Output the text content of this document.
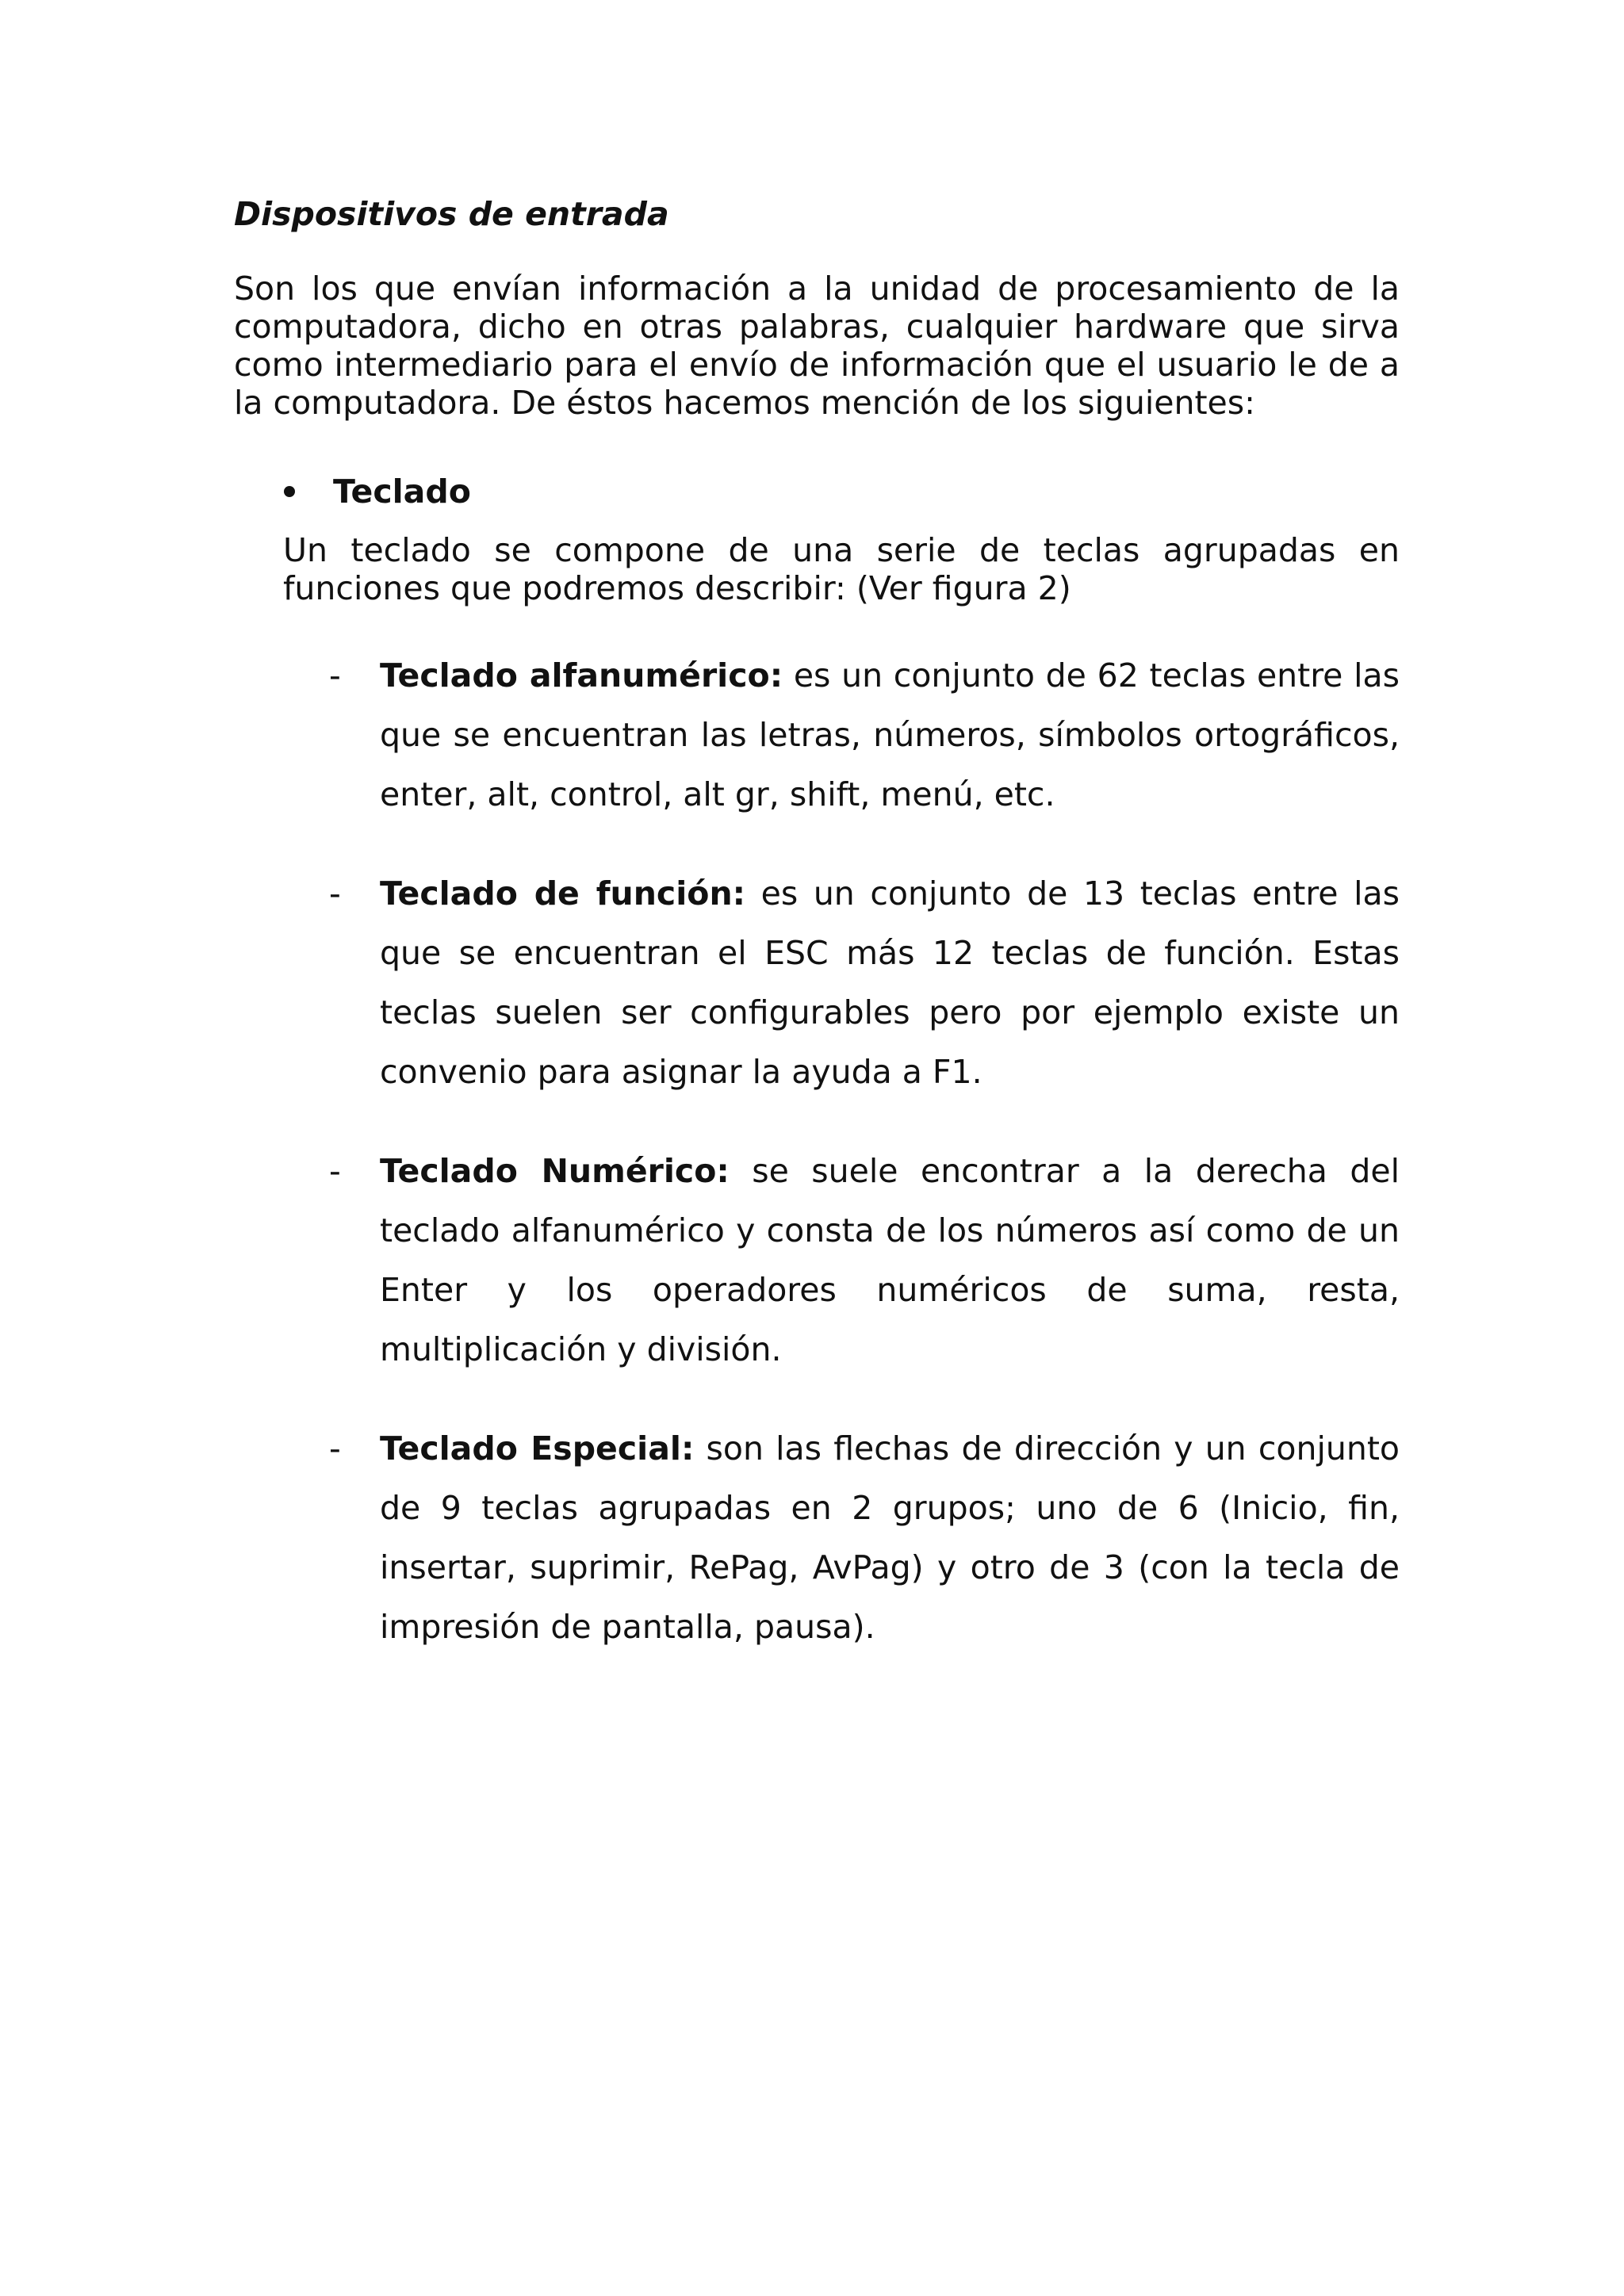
Dispositivos de entrada

Son los que envían información a la unidad de procesamiento de la computadora, dicho en otras palabras, cualquier hardware que sirva como intermediario para el envío de información que el usuario le de a la computadora. De éstos hacemos mención de los siguientes:

Teclado

Un teclado se compone de una serie de teclas agrupadas en funciones que podremos describir: (Ver figura 2)

- Teclado alfanumérico: es un conjunto de 62 teclas entre las que se encuentran las letras, números, símbolos ortográficos, enter, alt, control, alt gr, shift, menú, etc.

- Teclado de función: es un conjunto de 13 teclas entre las que se encuentran el ESC más 12 teclas de función. Estas teclas suelen ser configurables pero por ejemplo existe un convenio para asignar la ayuda a F1.

- Teclado Numérico: se suele encontrar a la derecha del teclado alfanumérico y consta de los números así como de un Enter y los operadores numéricos de suma, resta, multiplicación y división.

- Teclado Especial: son las flechas de dirección y un conjunto de 9 teclas agrupadas en 2 grupos; uno de 6 (Inicio, fin, insertar, suprimir, RePag, AvPag) y otro de 3 (con la tecla de impresión de pantalla, pausa).
